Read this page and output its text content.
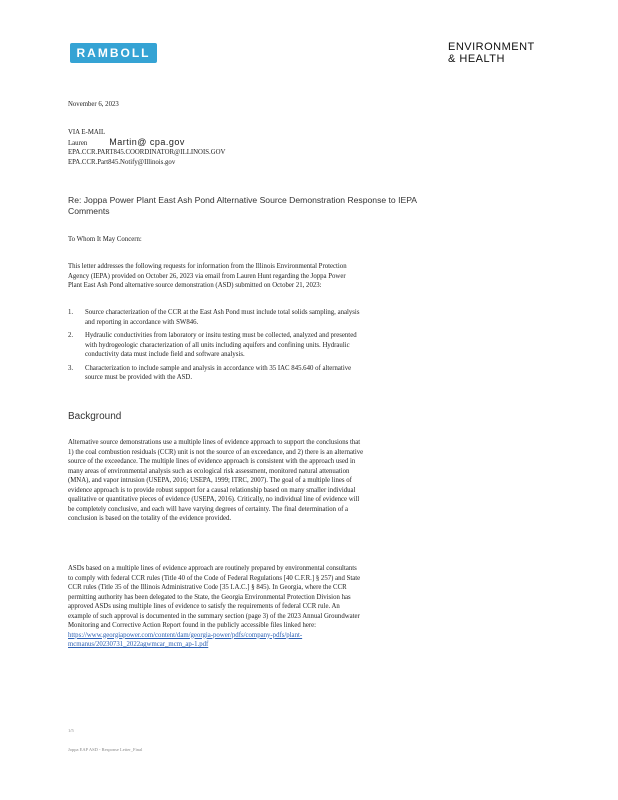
RAMBOLL	ENVIRONMENT
& HEALTH
November 6, 2023
VIA E-MAIL
Lauren Martin@ cpa.gov
EPA.CCR.PART845.COORDINATOR@ILLINOIS.GOV
EPA.CCR.Part845.Notify@Illinois.gov
Re: Joppa Power Plant East Ash Pond Alternative Source Demonstration Response to IEPA Comments
To Whom It May Concern:
This letter addresses the following requests for information from the Illinois Environmental Protection Agency (IEPA) provided on October 26, 2023 via email from Lauren Hunt regarding the Joppa Power Plant East Ash Pond alternative source demonstration (ASD) submitted on October 21, 2023:
1. Source characterization of the CCR at the East Ash Pond must include total solids sampling, analysis and reporting in accordance with SW846.
2. Hydraulic conductivities from laboratory or insitu testing must be collected, analyzed and presented with hydrogeologic characterization of all units including aquifers and confining units. Hydraulic conductivity data must include field and software analysis.
3. Characterization to include sample and analysis in accordance with 35 IAC 845.640 of alternative source must be provided with the ASD.
Background
Alternative source demonstrations use a multiple lines of evidence approach to support the conclusions that 1) the coal combustion residuals (CCR) unit is not the source of an exceedance, and 2) there is an alternative source of the exceedance. The multiple lines of evidence approach is consistent with the approach used in many areas of environmental analysis such as ecological risk assessment, monitored natural attenuation (MNA), and vapor intrusion (USEPA, 2016; USEPA, 1999; ITRC, 2007). The goal of a multiple lines of evidence approach is to provide robust support for a causal relationship based on many smaller individual qualitative or quantitative pieces of evidence (USEPA, 2016). Critically, no individual line of evidence will be completely conclusive, and each will have varying degrees of certainty. The final determination of a conclusion is based on the totality of the evidence provided.
ASDs based on a multiple lines of evidence approach are routinely prepared by environmental consultants to comply with federal CCR rules (Title 40 of the Code of Federal Regulations [40 C.F.R.] § 257) and State CCR rules (Title 35 of the Illinois Administrative Code [35 I.A.C.] § 845). In Georgia, where the CCR permitting authority has been delegated to the State, the Georgia Environmental Protection Division has approved ASDs using multiple lines of evidence to satisfy the requirements of federal CCR rule. An example of such approval is documented in the summary section (page 3) of the 2023 Annual Groundwater Monitoring and Corrective Action Report found in the publicly accessible files linked here:
https://www.georgiapower.com/content/dam/georgia-power/pdfs/company-pdfs/plant-mcmanus/20230731_2022agwmcar_mcm_ap-1.pdf
1/5
Joppa EAP ASD - Response Letter_Final
